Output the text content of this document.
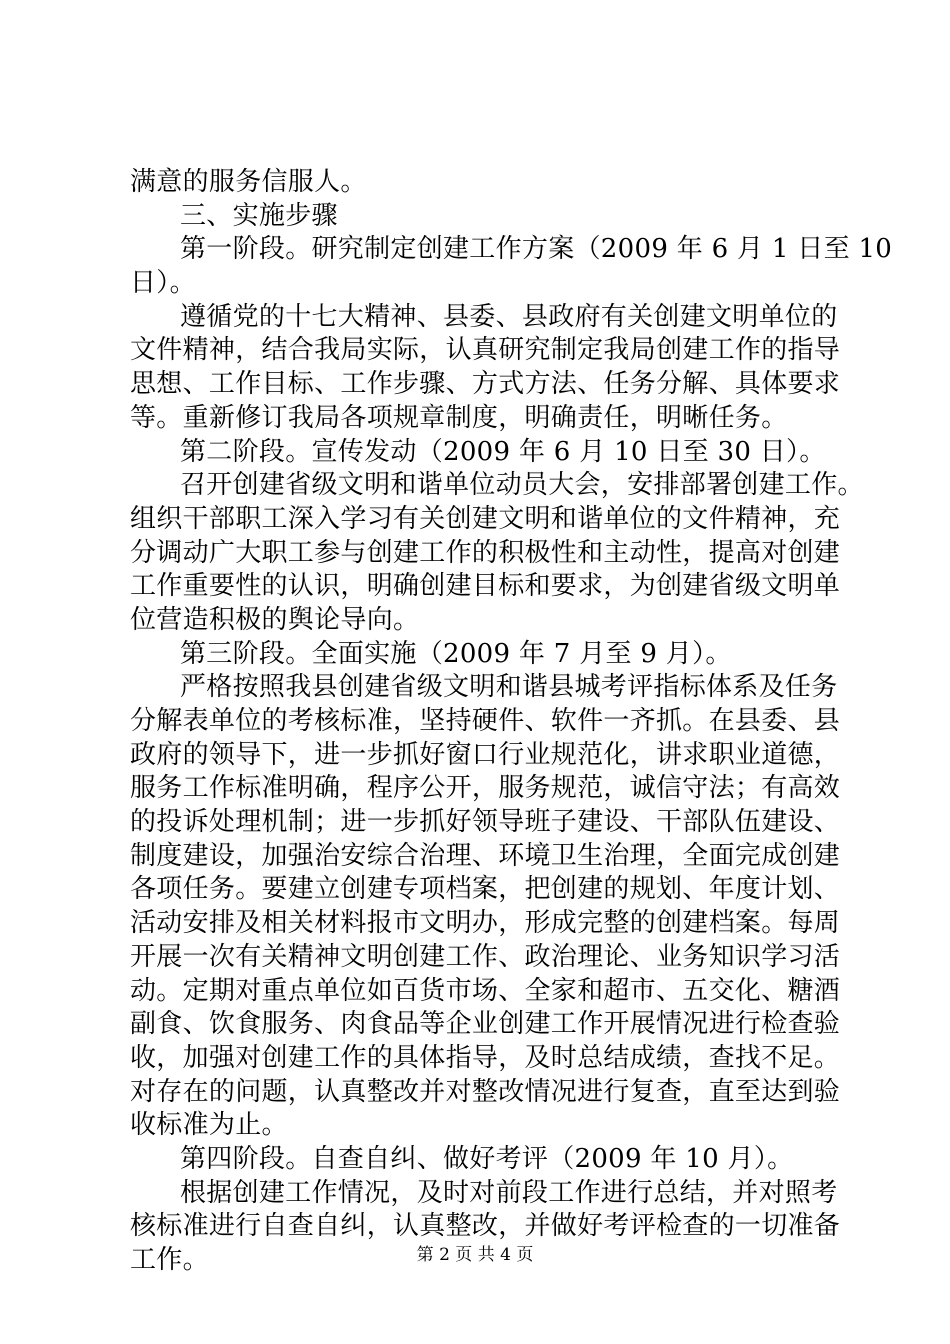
满意的服务信服人。
三、实施步骤
第一阶段。研究制定创建工作方案（2009 年 6 月 1 日至 10
日）。
遵循党的十七大精神、县委、县政府有关创建文明单位的
文件精神，结合我局实际，认真研究制定我局创建工作的指导
思想、工作目标、工作步骤、方式方法、任务分解、具体要求
等。重新修订我局各项规章制度，明确责任，明晰任务。
第二阶段。宣传发动（2009 年 6 月 10 日至 30 日）。
召开创建省级文明和谐单位动员大会，安排部署创建工作。
组织干部职工深入学习有关创建文明和谐单位的文件精神，充
分调动广大职工参与创建工作的积极性和主动性，提高对创建
工作重要性的认识，明确创建目标和要求，为创建省级文明单
位营造积极的舆论导向。
第三阶段。全面实施（2009 年 7 月至 9 月）。
严格按照我县创建省级文明和谐县城考评指标体系及任务
分解表单位的考核标准，坚持硬件、软件一齐抓。在县委、县
政府的领导下，进一步抓好窗口行业规范化，讲求职业道德，
服务工作标准明确，程序公开，服务规范，诚信守法；有高效
的投诉处理机制；进一步抓好领导班子建设、干部队伍建设、
制度建设，加强治安综合治理、环境卫生治理，全面完成创建
各项任务。要建立创建专项档案，把创建的规划、年度计划、
活动安排及相关材料报市文明办，形成完整的创建档案。每周
开展一次有关精神文明创建工作、政治理论、业务知识学习活
动。定期对重点单位如百货市场、全家和超市、五交化、糖酒
副食、饮食服务、肉食品等企业创建工作开展情况进行检查验
收，加强对创建工作的具体指导，及时总结成绩，查找不足。
对存在的问题，认真整改并对整改情况进行复查，直至达到验
收标准为止。
第四阶段。自查自纠、做好考评（2009 年 10 月）。
根据创建工作情况，及时对前段工作进行总结，并对照考
核标准进行自查自纠，认真整改，并做好考评检查的一切准备
工作。	第 2 页 共 4 页
